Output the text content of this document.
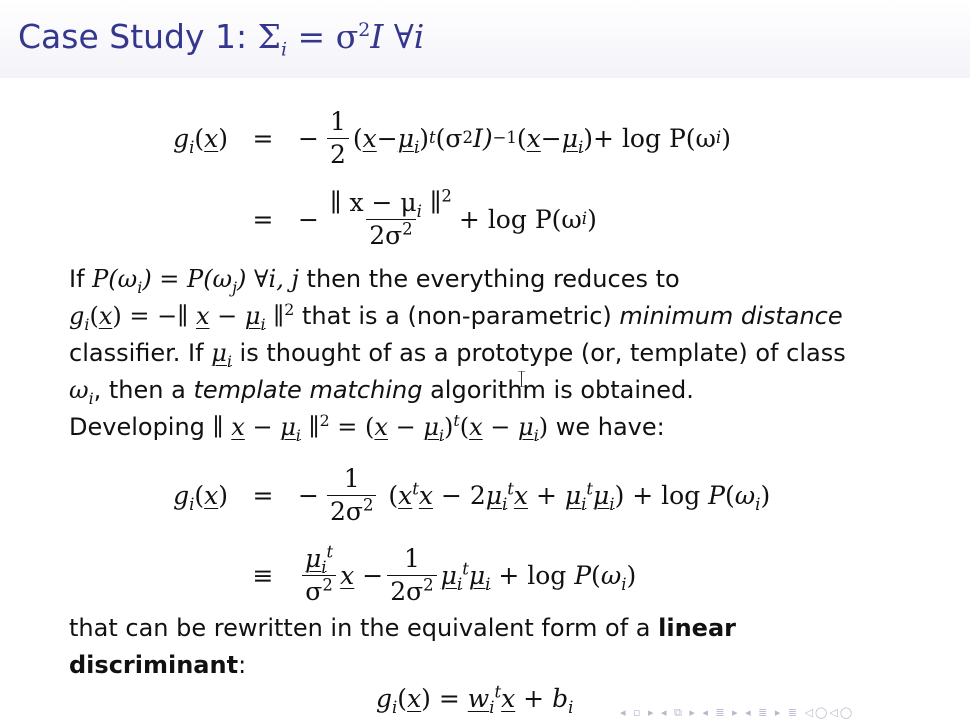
Case Study 1: $\Sigma_i = \sigma^2I$ ∀i
$g_i(x)$ = − $\frac{1}{2}$ ( $x - \mu_i$ ) t (σ 2 I) −1 ( $x - \mu_i$ ) + log P(ω i )
= − $\frac{\parallel x - \mu_i \parallel^2}{2\sigma^2} + \log P(\omega$ i )
If $P(\omega_i) = P(\omega_j)$ ∀i, j then the everything reduces to
$g_i(x)$ = −∥ $x - \mu_i$ ∥$^2$ that is a (non-parametric) minimum distance
classifier. If $\mu_i$ is thought of as a prototype (or, template) of class
$\omega_i$, then a template matching algorithm is obtained.
Developing ∥ $x - \mu_i$ ∥$^2$ = $(x - \mu_i)^t(x - \mu_i)$ we have:
$g_i(x)$ = − $\frac{1}{2\sigma^2} (x^tx - 2\mu_i^tx + \mu_i^t\mu_i) + \log P(\omega_i)$
≡	$\frac{\mu_i^t}{\sigma^2}$ $x - \frac{1}{2\sigma^2} \mu_i^t\mu_i + \log P(\omega_i)$
that can be rewritten in the equivalent form of a linear
discriminant:
$g_i(x) = w_i^tx + b_i$	◂ ▫ ▸ ◂ ⧉ ▸ ◂ ≣ ▸ ◂ ≣ ▸ ≣ ◁◯◁◯
